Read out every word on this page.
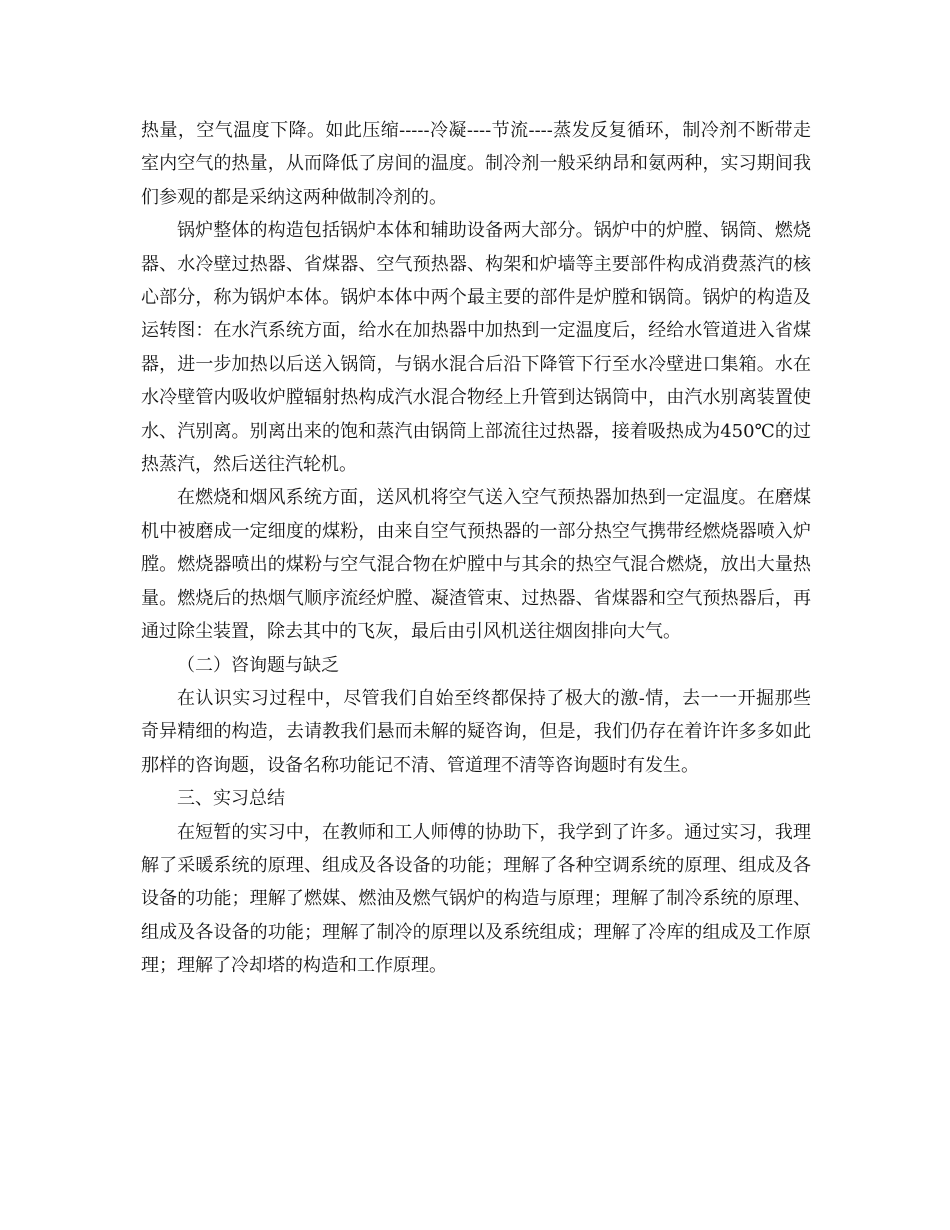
热量，空气温度下降。如此压缩-----冷凝----节流----蒸发反复循环，制冷剂不断带走室内空气的热量，从而降低了房间的温度。制冷剂一般采纳昂和氨两种，实习期间我们参观的都是采纳这两种做制冷剂的。

锅炉整体的构造包括锅炉本体和辅助设备两大部分。锅炉中的炉膛、锅筒、燃烧器、水冷壁过热器、省煤器、空气预热器、构架和炉墙等主要部件构成消费蒸汽的核心部分，称为锅炉本体。锅炉本体中两个最主要的部件是炉膛和锅筒。锅炉的构造及运转图：在水汽系统方面，给水在加热器中加热到一定温度后，经给水管道进入省煤器，进一步加热以后送入锅筒，与锅水混合后沿下降管下行至水冷壁进口集箱。水在水冷壁管内吸收炉膛辐射热构成汽水混合物经上升管到达锅筒中，由汽水别离装置使水、汽别离。别离出来的饱和蒸汽由锅筒上部流往过热器，接着吸热成为450℃的过热蒸汽，然后送往汽轮机。

在燃烧和烟风系统方面，送风机将空气送入空气预热器加热到一定温度。在磨煤机中被磨成一定细度的煤粉，由来自空气预热器的一部分热空气携带经燃烧器喷入炉膛。燃烧器喷出的煤粉与空气混合物在炉膛中与其余的热空气混合燃烧，放出大量热量。燃烧后的热烟气顺序流经炉膛、凝渣管束、过热器、省煤器和空气预热器后，再通过除尘装置，除去其中的飞灰，最后由引风机送往烟囱排向大气。

（二）咨询题与缺乏

在认识实习过程中，尽管我们自始至终都保持了极大的激-情，去一一开掘那些奇异精细的构造，去请教我们悬而未解的疑咨询，但是，我们仍存在着许许多多如此那样的咨询题，设备名称功能记不清、管道理不清等咨询题时有发生。

三、实习总结

在短暂的实习中，在教师和工人师傅的协助下，我学到了许多。通过实习，我理解了采暖系统的原理、组成及各设备的功能；理解了各种空调系统的原理、组成及各设备的功能；理解了燃媒、燃油及燃气锅炉的构造与原理；理解了制冷系统的原理、组成及各设备的功能；理解了制冷的原理以及系统组成；理解了冷库的组成及工作原理；理解了冷却塔的构造和工作原理。
